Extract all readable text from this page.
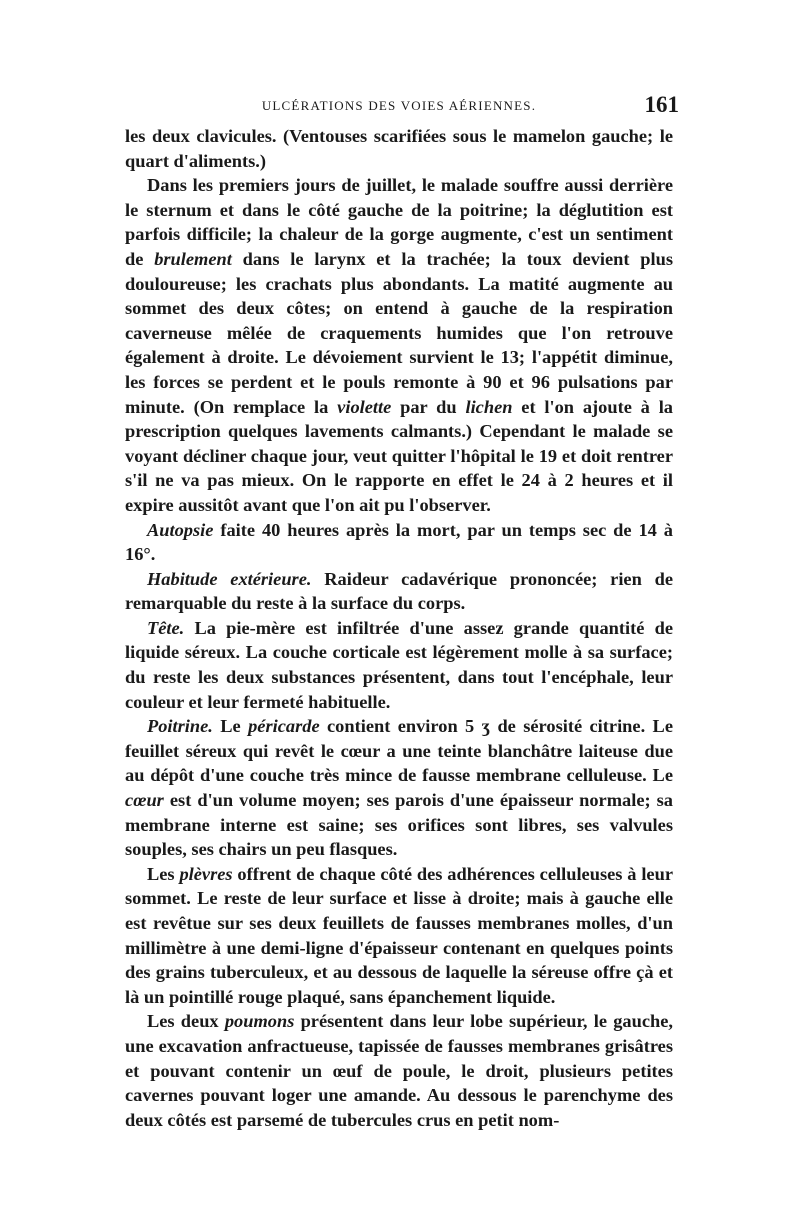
ULCÉRATIONS DES VOIES AÉRIENNES.	161

les deux clavicules. (Ventouses scarifiées sous le mamelon gauche; le quart d'aliments.)

Dans les premiers jours de juillet, le malade souffre aussi derrière le sternum et dans le côté gauche de la poitrine; la déglutition est parfois difficile; la chaleur de la gorge augmente, c'est un sentiment de brulement dans le larynx et la trachée; la toux devient plus douloureuse; les crachats plus abondants. La matité augmente au sommet des deux côtes; on entend à gauche de la respiration caverneuse mêlée de craquements humides que l'on retrouve également à droite. Le dévoiement survient le 13; l'appétit diminue, les forces se perdent et le pouls remonte à 90 et 96 pulsations par minute. (On remplace la violette par du lichen et l'on ajoute à la prescription quelques lavements calmants.) Cependant le malade se voyant décliner chaque jour, veut quitter l'hôpital le 19 et doit rentrer s'il ne va pas mieux. On le rapporte en effet le 24 à 2 heures et il expire aussitôt avant que l'on ait pu l'observer.

Autopsie faite 40 heures après la mort, par un temps sec de 14 à 16°.

Habitude extérieure. Raideur cadavérique prononcée; rien de remarquable du reste à la surface du corps.

Tête. La pie-mère est infiltrée d'une assez grande quantité de liquide séreux. La couche corticale est légèrement molle à sa surface; du reste les deux substances présentent, dans tout l'encéphale, leur couleur et leur fermeté habituelle.

Poitrine. Le péricarde contient environ 5 ʒ de sérosité citrine. Le feuillet séreux qui revêt le cœur a une teinte blanchâtre laiteuse due au dépôt d'une couche très mince de fausse membrane celluleuse. Le cœur est d'un volume moyen; ses parois d'une épaisseur normale; sa membrane interne est saine; ses orifices sont libres, ses valvules souples, ses chairs un peu flasques.

Les plèvres offrent de chaque côté des adhérences celluleuses à leur sommet. Le reste de leur surface et lisse à droite; mais à gauche elle est revêtue sur ses deux feuillets de fausses membranes molles, d'un millimètre à une demi-ligne d'épaisseur contenant en quelques points des grains tuberculeux, et au dessous de laquelle la séreuse offre çà et là un pointillé rouge plaqué, sans épanchement liquide.

Les deux poumons présentent dans leur lobe supérieur, le gauche, une excavation anfractueuse, tapissée de fausses membranes grisâtres et pouvant contenir un œuf de poule, le droit, plusieurs petites cavernes pouvant loger une amande. Au dessous le parenchyme des deux côtés est parsemé de tubercules crus en petit nom-
